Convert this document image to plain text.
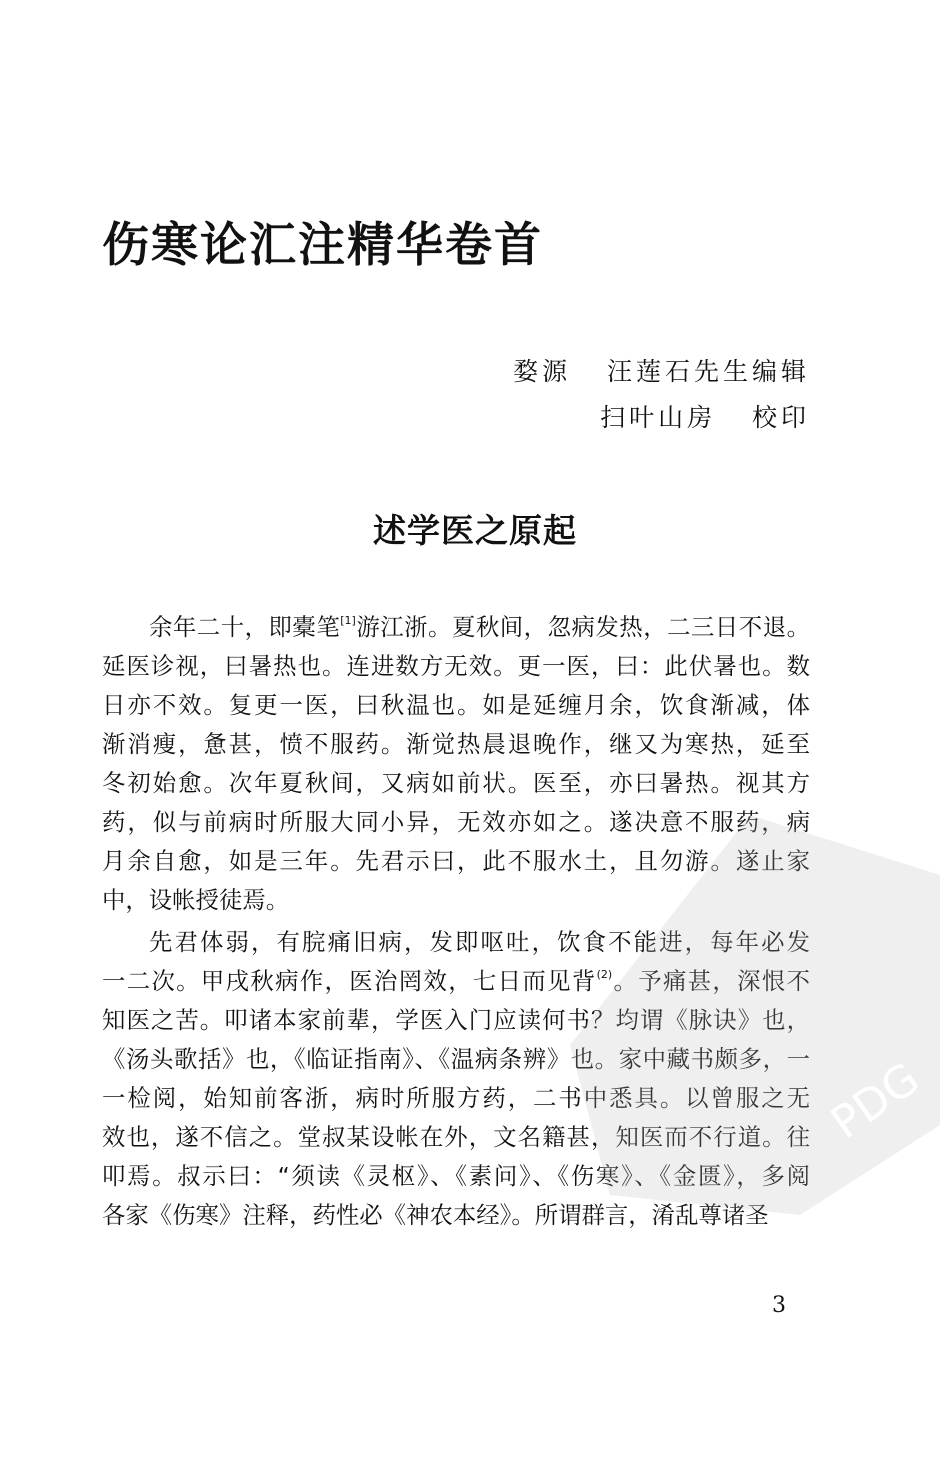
伤寒论汇注精华卷首
婺源 汪莲石先生编辑
扫叶山房 校印
述学医之原起
余年二十，即橐笔[1]游江浙。夏秋间，忽病发热，二三日不退。
延医诊视，曰暑热也。连进数方无效。更一医，曰：此伏暑也。数
日亦不效。复更一医，曰秋温也。如是延缠月余，饮食渐减，体
渐消瘦，惫甚，愤不服药。渐觉热晨退晚作，继又为寒热，延至
冬初始愈。次年夏秋间，又病如前状。医至，亦曰暑热。视其方
药，似与前病时所服大同小异，无效亦如之。遂决意不服药，病
月余自愈，如是三年。先君示曰，此不服水土，且勿游。遂止家
中，设帐授徒焉。
先君体弱，有脘痛旧病，发即呕吐，饮食不能进，每年必发
一二次。甲戌秋病作，医治罔效，七日而见背$^{(2)}$。予痛甚，深恨不
知医之苦。叩诸本家前辈，学医入门应读何书？均谓《脉诀》也，
《汤头歌括》也，《临证指南》、《温病条辨》也。家中藏书颇多，一
一检阅，始知前客浙，病时所服方药，二书中悉具。以曾服之无
效也，遂不信之。堂叔某设帐在外，文名籍甚，知医而不行道。往
叩焉。叔示曰：“须读《灵枢》、《素问》、《伤寒》、《金匮》，多阅
各家《伤寒》注释，药性必《神农本经》。所谓群言，淆乱尊诸圣
3
PDG
